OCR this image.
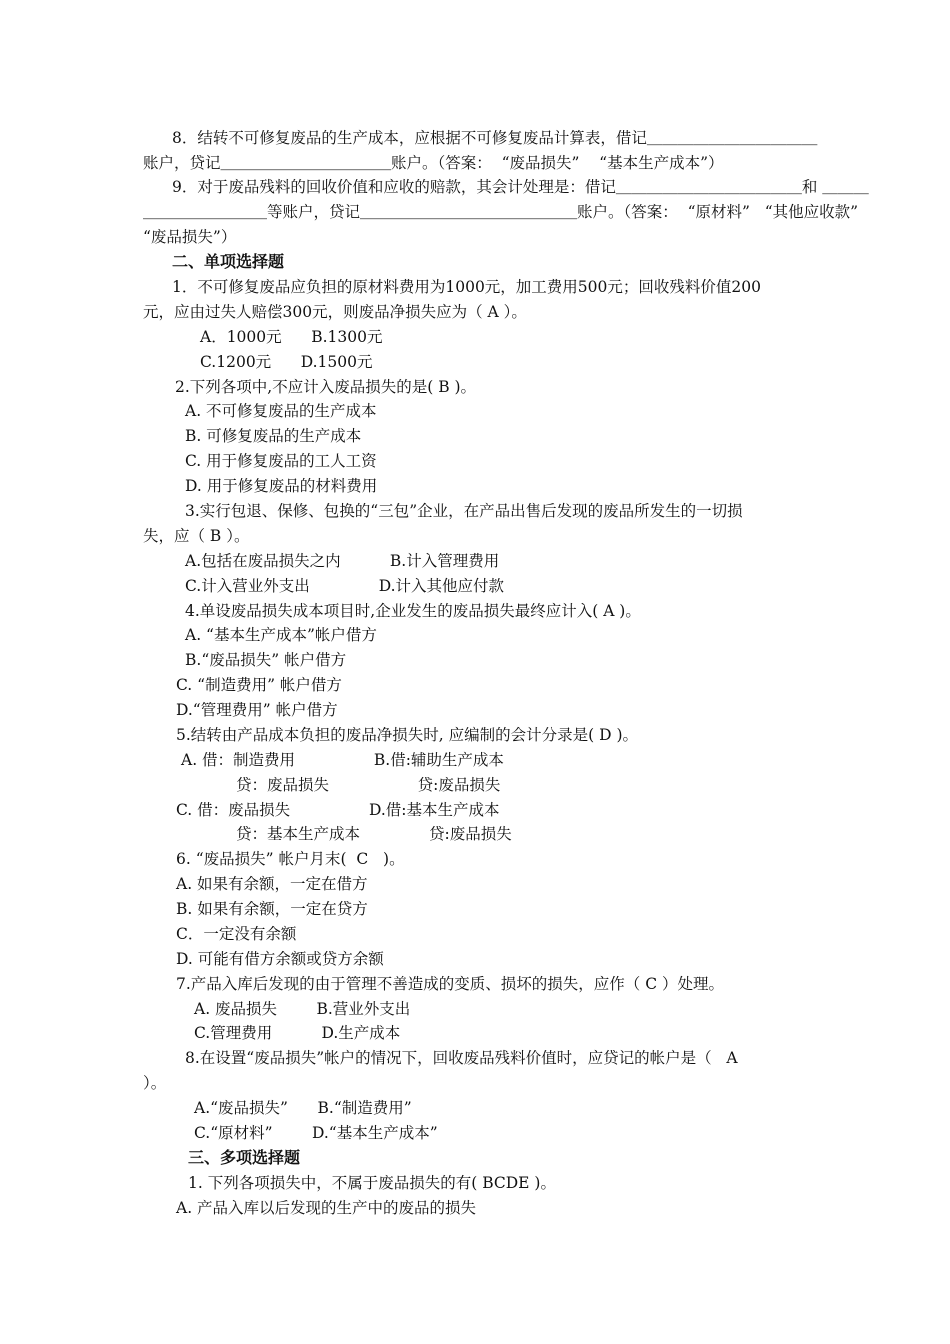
8．结转不可修复废品的生产成本，应根据不可修复废品计算表，借记＿＿＿＿＿＿＿＿＿＿＿
账户，贷记＿＿＿＿＿＿＿＿＿＿＿账户。（答案：  “废品损失”    “基本生产成本”）
9．对于废品残料的回收价值和应收的赔款，其会计处理是：借记＿＿＿＿＿＿＿＿＿＿＿＿和 ＿＿＿
＿＿＿＿＿＿＿＿等账户，贷记＿＿＿＿＿＿＿＿＿＿＿＿＿＿账户。（答案：  “原材料”   “其他应收款”
“废品损失”）
二、单项选择题
1．不可修复废品应负担的原材料费用为1000元，加工费用500元；回收残料价值200
元，应由过失人赔偿300元，则废品净损失应为（ A ）。
A．1000元      B.1300元
C.1200元      D.1500元
2.下列各项中,不应计入废品损失的是( B )。
A. 不可修复废品的生产成本
B. 可修复废品的生产成本
C. 用于修复废品的工人工资
D. 用于修复废品的材料费用
3.实行包退、保修、包换的“三包”企业，在产品出售后发现的废品所发生的一切损
失，应（ B ）。
A.包括在废品损失之内          B.计入管理费用
C.计入营业外支出              D.计入其他应付款
4.单设废品损失成本项目时,企业发生的废品损失最终应计入( A )。
A. “基本生产成本”帐户借方
B.“废品损失” 帐户借方
C. “制造费用” 帐户借方
D.“管理费用” 帐户借方
5.结转由产品成本负担的废品净损失时, 应编制的会计分录是( D )。
A. 借：制造费用                B.借:辅助生产成本
贷：废品损失                  贷:废品损失
C. 借：废品损失                D.借:基本生产成本
贷：基本生产成本              贷:废品损失
6. “废品损失” 帐户月末(  C   )。
A. 如果有余额，一定在借方
B. 如果有余额，一定在贷方
C．一定没有余额
D. 可能有借方余额或贷方余额
7.产品入库后发现的由于管理不善造成的变质、损坏的损失，应作（ C ）处理。
A. 废品损失        B.营业外支出
C.管理费用          D.生产成本
8.在设置“废品损失”帐户的情况下，回收废品残料价值时，应贷记的帐户是（   A
）。
A.“废品损失”      B.“制造费用”
C.“原材料”        D.“基本生产成本”
三、多项选择题
1. 下列各项损失中，不属于废品损失的有( BCDE )。
A. 产品入库以后发现的生产中的废品的损失
